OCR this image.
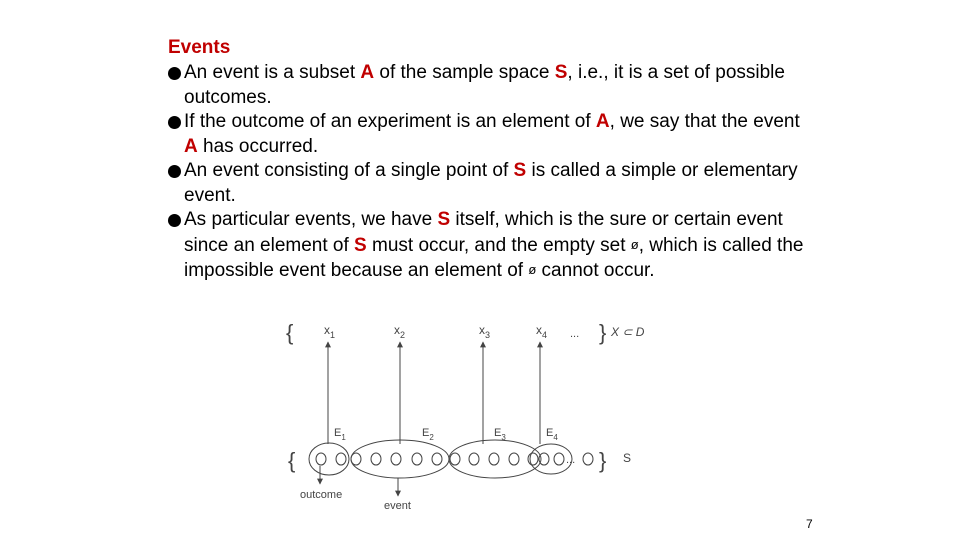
Events
An event is a subset A of the sample space S, i.e., it is a set of possible outcomes.
If the outcome of an experiment is an element of A, we say that the event A has occurred.
An event consisting of a single point of S is called a simple or elementary event.
As particular events, we have S itself, which is the sure or certain event since an element of S must occur, and the empty set ø, which is called the impossible event because an element of ø cannot occur.
{	$x_1$	$x_2$	$x_3$	$x_4$ ... } X ⊂ D
$E_1$	$E_2$	$E_3$	$E_4$
{	... } S
outcome
event
7
